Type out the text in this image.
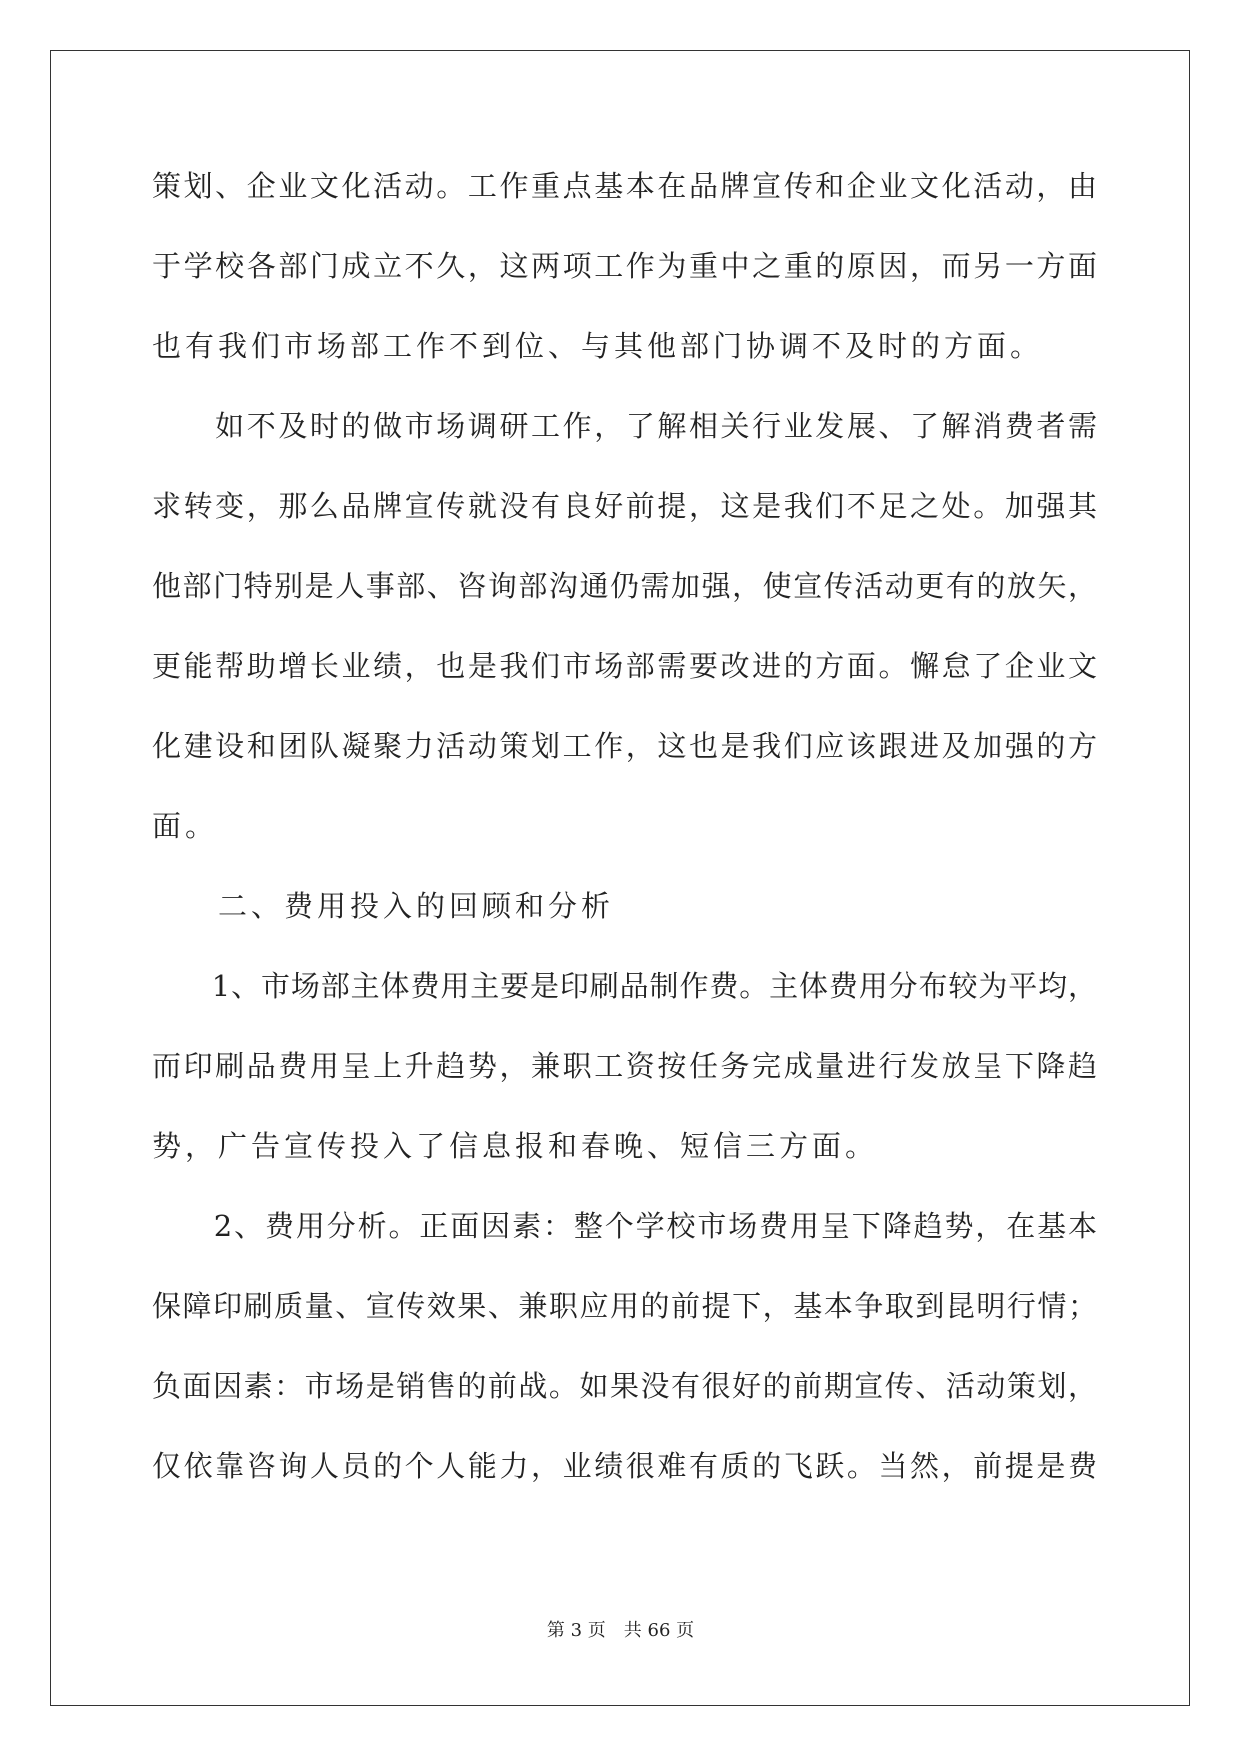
策划、企业文化活动。工作重点基本在品牌宣传和企业文化活动，由

于学校各部门成立不久，这两项工作为重中之重的原因，而另一方面

也有我们市场部工作不到位、与其他部门协调不及时的方面。

　　如不及时的做市场调研工作，了解相关行业发展、了解消费者需

求转变，那么品牌宣传就没有良好前提，这是我们不足之处。加强其

他部门特别是人事部、咨询部沟通仍需加强，使宣传活动更有的放矢，

更能帮助增长业绩，也是我们市场部需要改进的方面。懈怠了企业文

化建设和团队凝聚力活动策划工作，这也是我们应该跟进及加强的方

面。

　　二、费用投入的回顾和分析

　　1、市场部主体费用主要是印刷品制作费。主体费用分布较为平均，

而印刷品费用呈上升趋势，兼职工资按任务完成量进行发放呈下降趋

势，广告宣传投入了信息报和春晚、短信三方面。

　　2、费用分析。正面因素：整个学校市场费用呈下降趋势，在基本

保障印刷质量、宣传效果、兼职应用的前提下，基本争取到昆明行情；

负面因素：市场是销售的前战。如果没有很好的前期宣传、活动策划，

仅依靠咨询人员的个人能力，业绩很难有质的飞跃。当然，前提是费

第 3 页 共 66 页
